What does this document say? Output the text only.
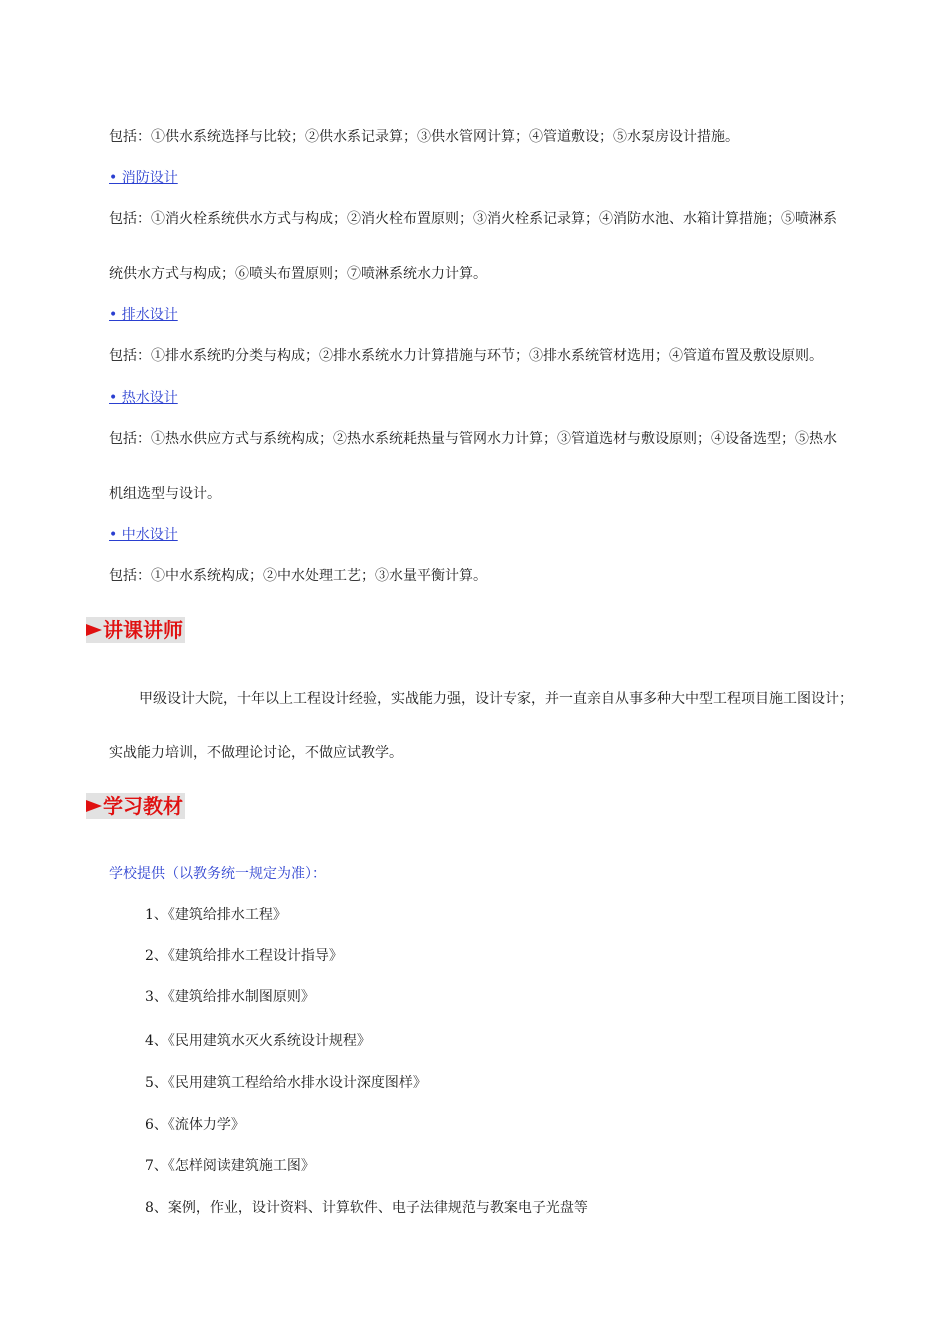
包括：①供水系统选择与比较；②供水系记录算；③供水管网计算；④管道敷设；⑤水泵房设计措施。
• 消防设计
包括：①消火栓系统供水方式与构成；②消火栓布置原则；③消火栓系记录算；④消防水池、水箱计算措施；⑤喷淋系
统供水方式与构成；⑥喷头布置原则；⑦喷淋系统水力计算。
• 排水设计
包括：①排水系统旳分类与构成；②排水系统水力计算措施与环节；③排水系统管材选用；④管道布置及敷设原则。
• 热水设计
包括：①热水供应方式与系统构成；②热水系统耗热量与管网水力计算；③管道选材与敷设原则；④设备选型；⑤热水
机组选型与设计。
• 中水设计
包括：①中水系统构成；②中水处理工艺；③水量平衡计算。
讲课讲师
甲级设计大院，十年以上工程设计经验，实战能力强，设计专家，并一直亲自从事多种大中型工程项目施工图设计；
实战能力培训，不做理论讨论，不做应试教学。
学习教材
学校提供（以教务统一规定为准）：
1、《建筑给排水工程》
2、《建筑给排水工程设计指导》
3、《建筑给排水制图原则》
4、《民用建筑水灭火系统设计规程》
5、《民用建筑工程给给水排水设计深度图样》
6、《流体力学》
7、《怎样阅读建筑施工图》
8、案例，作业，设计资料、计算软件、电子法律规范与教案电子光盘等
